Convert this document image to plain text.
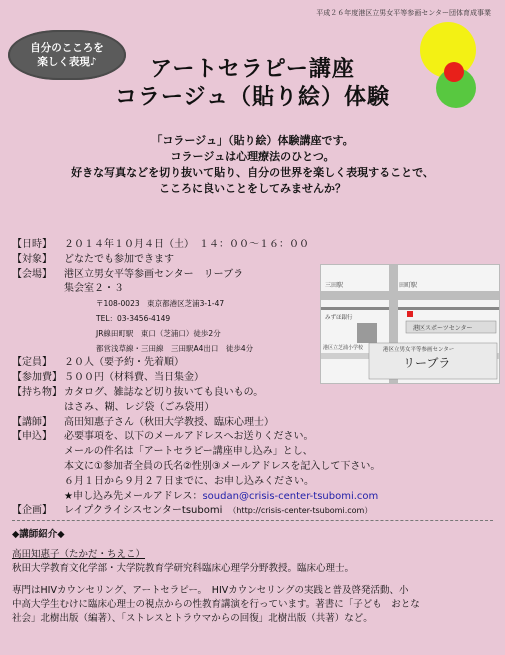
平成２６年度港区立男女平等参画センター団体育成事業
自分のこころを
楽しく表現♪	アートセラピー講座
コラージュ（貼り絵）体験
「コラージュ」（貼り絵）体験講座です。
コラージュは心理療法のひとつ。
好きな写真などを切り抜いて貼り、自分の世界を楽しく表現することで、
こころに良いことをしてみませんか？
【日時】	２０１４年１０月４日（土）　１４：００〜１６：００
【対象】	どなたでも参加できます
【会場】	港区立男女平等参画センター　リーブラ
集会室２・３
〒108-0023　東京都港区芝浦3-1-47
TEL：03-3456-4149
JR線田町駅　東口（芝浦口）徒歩2分
都営浅草線・三田線　三田駅A4出口　徒歩4分
【定員】	２０人（要予約・先着順）
【参加費】 ５００円（材料費、当日集金）
【持ち物】 カタログ、雑誌など切り抜いても良いもの。
はさみ、糊、レジ袋（ごみ袋用）
【講師】	高田知惠子さん（秋田大学教授、臨床心理士）
【申込】	必要事項を、以下のメールアドレスへお送りください。
メールの件名は「アートセラピー講座申し込み」とし、
本文に①参加者全員の氏名②性別③メールアドレスを記入して下さい。
６月１日から９月２７日までに、お申し込みください。
★申し込み先メールアドレス：soudan@crisis-center-tsubomi.com
【企画】	レイプクライシスセンターtsubomi　 （http://crisis-center-tsubomi.com）
港区スポーツセンター
港区立男女平等参画センター
リーブラ
田町駅
三田駅
みずほ銀行
港区立芝浦小学校
◆講師紹介◆
高田知惠子（たかだ・ちえこ）
秋田大学教育文化学部・大学院教育学研究科臨床心理学分野教授。臨床心理士。
専門はHIVカウンセリング、アートセラピー。　HIVカウンセリングの実践と普及啓発活動、小
中高大学生むけに臨床心理士の視点からの性教育講演を行っています。著書に「子ども　おとな
社会」北樹出版（編著）、「ストレスとトラウマからの回復」北樹出版（共著）など。
